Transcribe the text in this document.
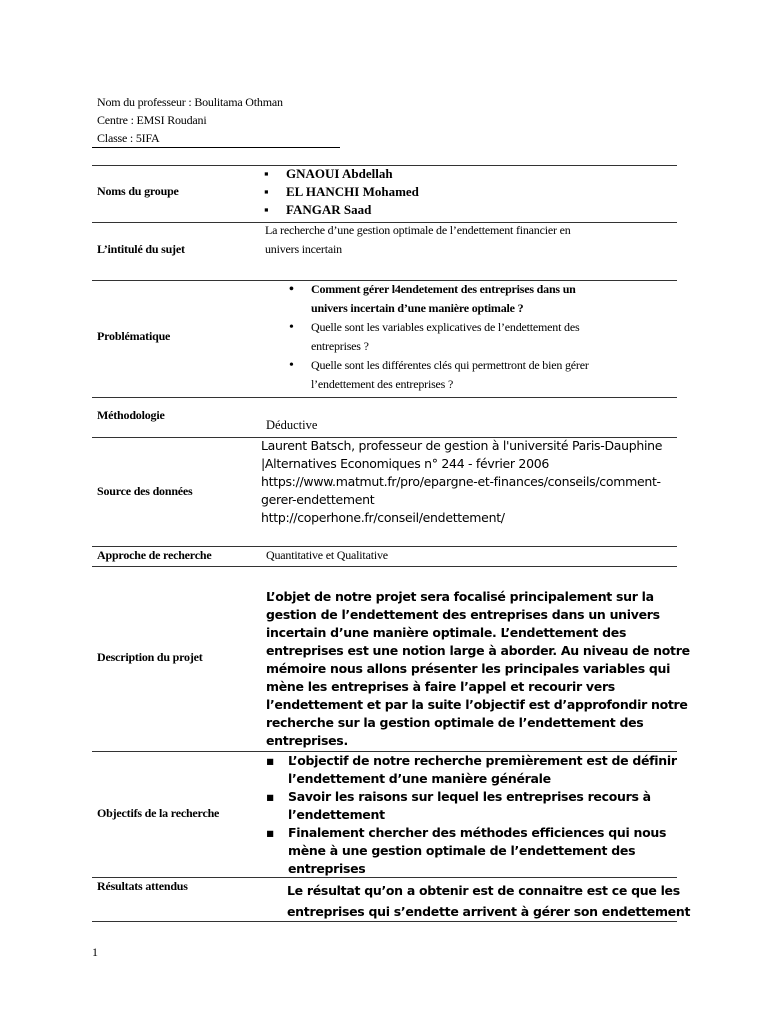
Nom du professeur : Boulitama Othman
Centre : EMSI Roudani
Classe : 5IFA
Noms du groupe
▪ GNAOUI Abdellah
▪ EL HANCHI Mohamed
▪ FANGAR Saad
L’intitulé du sujet
La recherche d’une gestion optimale de l’endettement financier en
univers incertain
Problématique
• Comment gérer l4endetement des entreprises dans un
univers incertain d’une manière optimale ?
• Quelle sont les variables explicatives de l’endettement des
entreprises ?
• Quelle sont les différentes clés qui permettront de bien gérer
l’endettement des entreprises ?
Méthodologie
Déductive
Source des données
Laurent Batsch, professeur de gestion à l'université Paris-Dauphine
|Alternatives Economiques n° 244 - février 2006
https://www.matmut.fr/pro/epargne-et-finances/conseils/comment-
gerer-endettement
http://coperhone.fr/conseil/endettement/
Approche de recherche	Quantitative et Qualitative
Description du projet
L’objet de notre projet sera focalisé principalement sur la
gestion de l’endettement des entreprises dans un univers
incertain d’une manière optimale. L’endettement des
entreprises est une notion large à aborder. Au niveau de notre
mémoire nous allons présenter les principales variables qui
mène les entreprises à faire l’appel et recourir vers
l’endettement et par la suite l’objectif est d’approfondir notre
recherche sur la gestion optimale de l’endettement des
entreprises.
Objectifs de la recherche
▪ L’objectif de notre recherche premièrement est de définir
l’endettement d’une manière générale
▪ Savoir les raisons sur lequel les entreprises recours à
l’endettement
▪ Finalement chercher des méthodes efficiences qui nous
mène à une gestion optimale de l’endettement des
entreprises
Résultats attendus	Le résultat qu’on a obtenir est de connaitre est ce que les
entreprises qui s’endette arrivent à gérer son endettement
1
